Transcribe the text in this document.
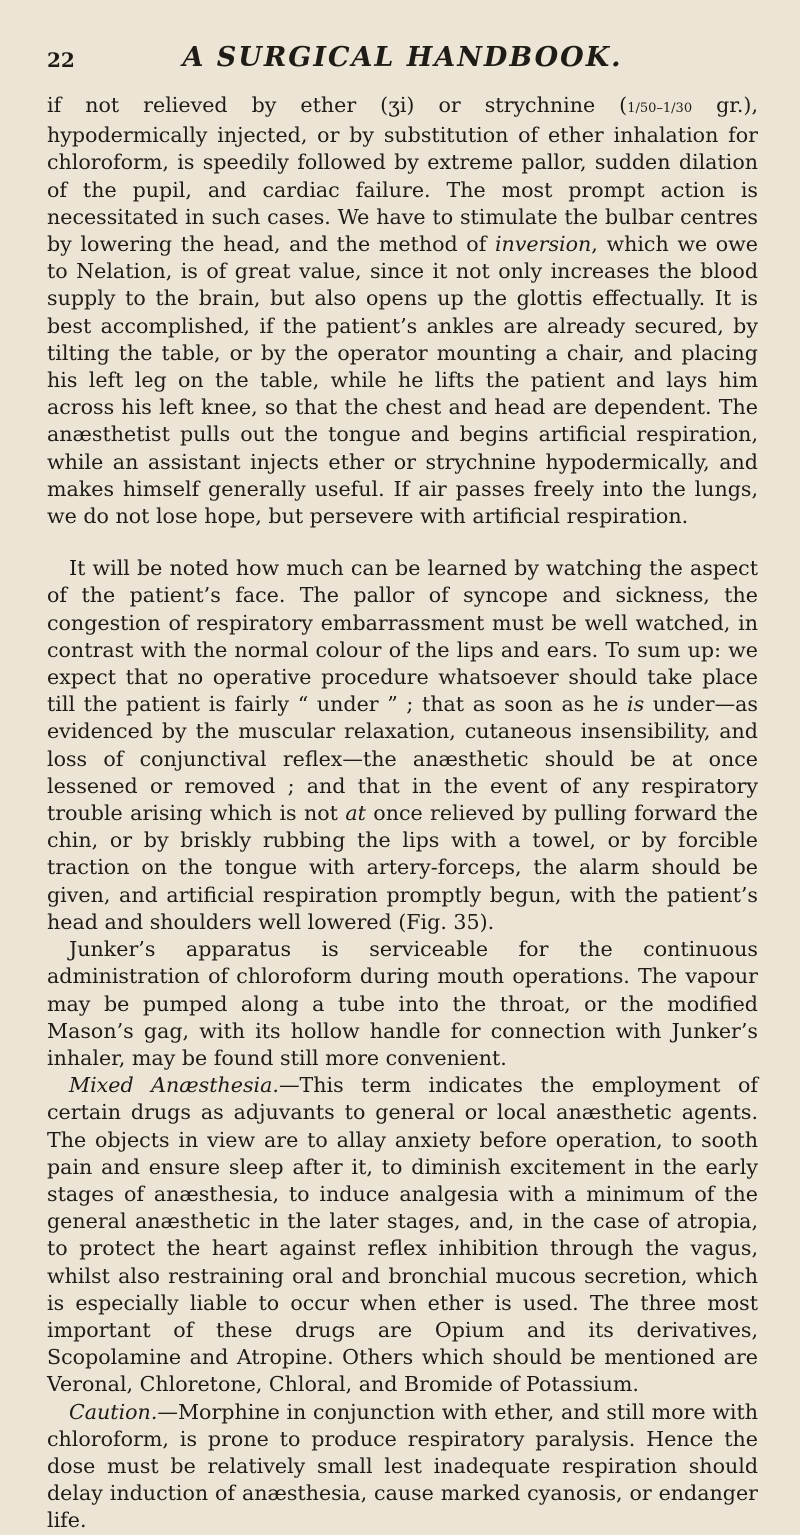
22	A SURGICAL HANDBOOK.

if not relieved by ether (ʒi) or strychnine (1/50–1/30 gr.), hypodermically injected, or by substitution of ether inhalation for chloroform, is speedily followed by extreme pallor, sudden dilation of the pupil, and cardiac failure. The most prompt action is necessitated in such cases. We have to stimulate the bulbar centres by lowering the head, and the method of inversion, which we owe to Nelation, is of great value, since it not only increases the blood supply to the brain, but also opens up the glottis effectually. It is best accomplished, if the patient’s ankles are already secured, by tilting the table, or by the operator mounting a chair, and placing his left leg on the table, while he lifts the patient and lays him across his left knee, so that the chest and head are dependent. The anæsthetist pulls out the tongue and begins artificial respiration, while an assistant injects ether or strychnine hypodermically, and makes himself generally useful. If air passes freely into the lungs, we do not lose hope, but persevere with artificial respiration.

It will be noted how much can be learned by watching the aspect of the patient’s face. The pallor of syncope and sickness, the congestion of respiratory embarrassment must be well watched, in contrast with the normal colour of the lips and ears. To sum up: we expect that no operative procedure whatsoever should take place till the patient is fairly “ under ” ; that as soon as he is under—as evidenced by the muscular relaxation, cutaneous insensibility, and loss of conjunctival reflex—the anæsthetic should be at once lessened or removed ; and that in the event of any respiratory trouble arising which is not at once relieved by pulling forward the chin, or by briskly rubbing the lips with a towel, or by forcible traction on the tongue with artery-forceps, the alarm should be given, and artificial respiration promptly begun, with the patient’s head and shoulders well lowered (Fig. 35).

Junker’s apparatus is serviceable for the continuous administration of chloroform during mouth operations. The vapour may be pumped along a tube into the throat, or the modified Mason’s gag, with its hollow handle for connection with Junker’s inhaler, may be found still more convenient.

Mixed Anæsthesia.—This term indicates the employment of certain drugs as adjuvants to general or local anæsthetic agents. The objects in view are to allay anxiety before operation, to sooth pain and ensure sleep after it, to diminish excitement in the early stages of anæsthesia, to induce analgesia with a minimum of the general anæsthetic in the later stages, and, in the case of atropia, to protect the heart against reflex inhibition through the vagus, whilst also restraining oral and bronchial mucous secretion, which is especially liable to occur when ether is used. The three most important of these drugs are Opium and its derivatives, Scopolamine and Atropine. Others which should be mentioned are Veronal, Chloretone, Chloral, and Bromide of Potassium.

Caution.—Morphine in conjunction with ether, and still more with chloroform, is prone to produce respiratory paralysis. Hence the dose must be relatively small lest inadequate respiration should delay induction of anæsthesia, cause marked cyanosis, or endanger life.
